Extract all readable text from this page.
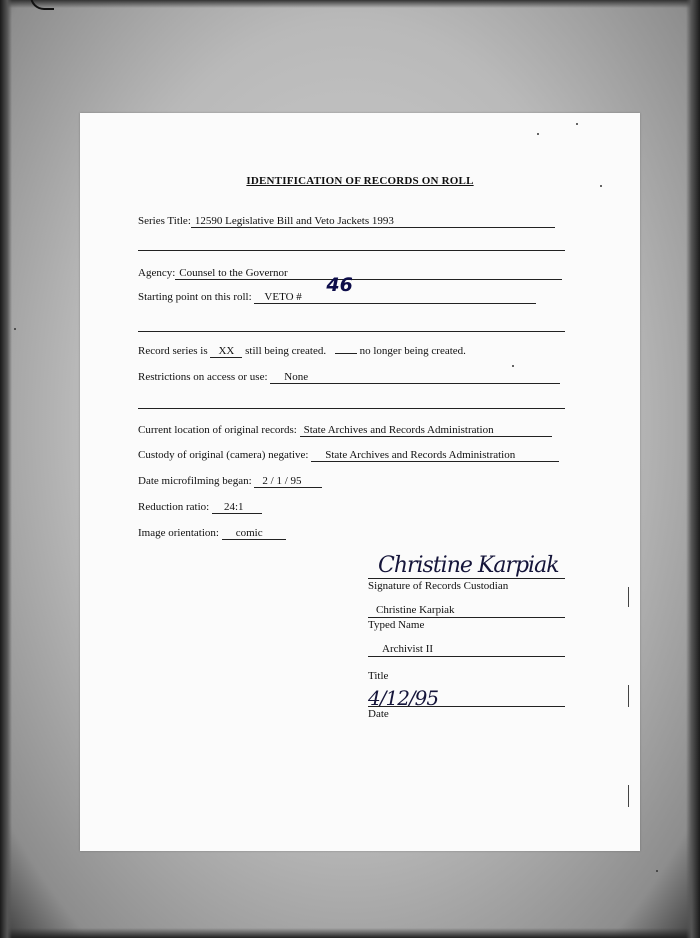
IDENTIFICATION OF RECORDS ON ROLL
Series Title: 12590 Legislative Bill and Veto Jackets 1993
Agency: Counsel to the Governor
Starting point on this roll: VETO #
46
Record series is XX still being created.	no longer being created.
Restrictions on access or use: None
Current location of original records: State Archives and Records Administration
Custody of original (camera) negative: State Archives and Records Administration
Date microfilming began: 2 / 1 / 95
Reduction ratio: 24:1
Image orientation: comic
Christine Karpiak
Signature of Records Custodian
Christine Karpiak
Typed Name
Archivist II
Title
4/12/95
Date
